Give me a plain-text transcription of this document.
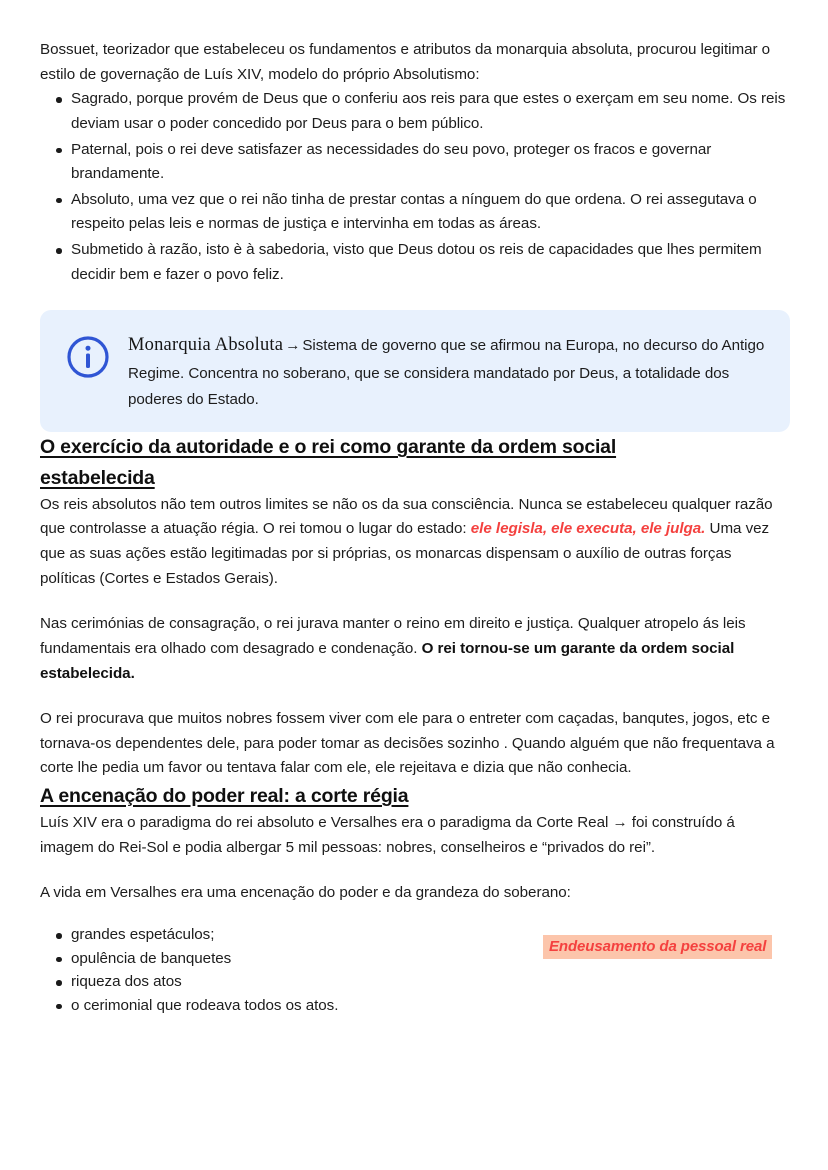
Bossuet, teorizador que estabeleceu os fundamentos e atributos da monarquia absoluta, procurou legitimar o estilo de governação de Luís XIV, modelo do próprio Absolutismo:

Sagrado, porque provém de Deus que o conferiu aos reis para que estes o exerçam em seu nome. Os reis deviam usar o poder concedido por Deus para o bem público.
Paternal, pois o rei deve satisfazer as necessidades do seu povo, proteger os fracos e governar brandamente.
Absoluto, uma vez que o rei não tinha de prestar contas a nínguem do que ordena. O rei assegutava o respeito pelas leis e normas de justiça e intervinha em todas as áreas.
Submetido à razão, isto è à sabedoria, visto que Deus dotou os reis de capacidades que lhes permitem decidir bem e fazer o povo feliz.
Monarquia Absoluta → Sistema de governo que se afirmou na Europa, no decurso do Antigo Regime. Concentra no soberano, que se considera mandatado por Deus, a totalidade dos poderes do Estado.
O exercício da autoridade e o rei como garante da ordem social
estabelecida

Os reis absolutos não tem outros limites se não os da sua consciência. Nunca se estabeleceu qualquer razão que controlasse a atuação régia. O rei tomou o lugar do estado: ele legisla, ele executa, ele julga. Uma vez que as suas ações estão legitimadas por si próprias, os monarcas dispensam o auxílio de outras forças políticas (Cortes e Estados Gerais).

Nas cerimónias de consagração, o rei jurava manter o reino em direito e justiça. Qualquer atropelo ás leis fundamentais era olhado com desagrado e condenação. O rei tornou-se um garante da ordem social estabelecida.

O rei procurava que muitos nobres fossem viver com ele para o entreter com caçadas, banqutes, jogos, etc e tornava-os dependentes dele, para poder tomar as decisões sozinho . Quando alguém que não frequentava a corte lhe pedia um favor ou tentava falar com ele, ele rejeitava e dizia que não conhecia.

A encenação do poder real: a corte régia

Luís XIV era o paradigma do rei absoluto e Versalhes era o paradigma da Corte Real → foi construído á imagem do Rei-Sol e podia albergar 5 mil pessoas: nobres, conselheiros e “privados do rei”.

A vida em Versalhes era uma encenação do poder e da grandeza do soberano:

grandes espetáculos;
opulência de banquetes
riqueza dos atos
o cerimonial que rodeava todos os atos.
Endeusamento da pessoal real
